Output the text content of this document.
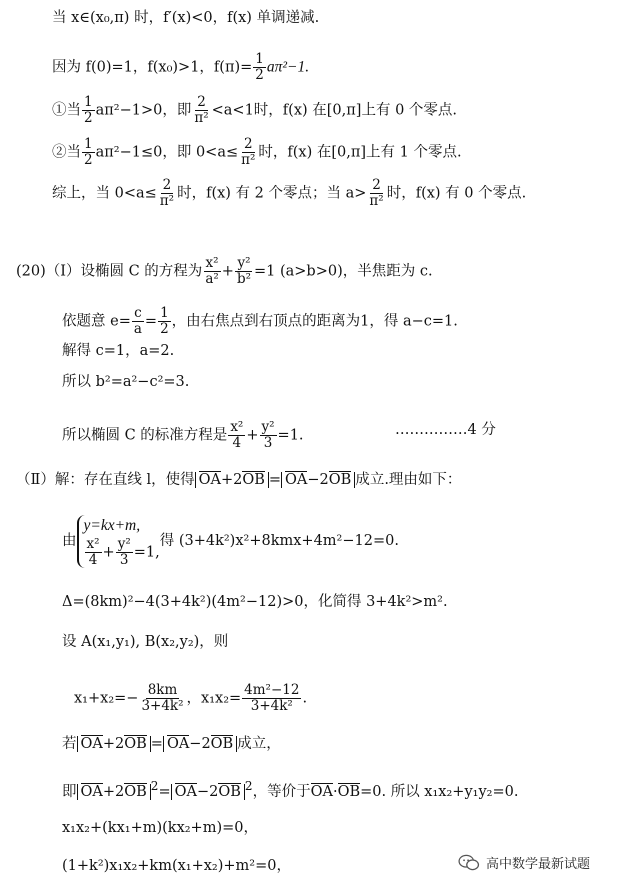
当 x∈(x₀,π) 时，f′(x)<0，f(x) 单调递减.
因为 f(0)=1，f(x₀)>1，$f(\pi)= \frac{1}{2} a\pi^2-1$.
①当 $\frac{1}{2} a\pi^2-1>0$，即 $\frac{2}{\text{π²}} <a<1$时，f(x) 在[0,π]上有 0 个零点.
②当 $\frac{1}{2} a\pi^2-1\le 0$，即 $0<a\le \frac{2}{\text{π²}}$ 时，f(x) 在[0,π]上有 1 个零点.
综上，当 $0<a\le \frac{2}{\text{π²}}$ 时，f(x) 有 2 个零点；当 $a> \frac{2}{\text{π²}}$ 时，f(x) 有 0 个零点.
(20)（Ⅰ）设椭圆 C 的方程为 $\frac{\text{x²}}{\text{a²}} + \frac{\text{y²}}{\text{b²}} =1$ (a>b>0)，半焦距为 c.
依题意 $e= \frac{c}{a} = \frac{1}{2}$ ，由右焦点到右顶点的距离为1，得 a−c=1.
解得 c=1，a=2.
所以 b²=a²−c²=3.
所以椭圆 C 的标准方程是 $\frac{\text{x²}}{4} + \frac{\text{y²}}{3} =1$.	……………4 分
（Ⅱ）解：存在直线 l，使得 OA+2OB = OA−2OB 成立.理由如下：
由
y=kx+m,
$\frac{\text{x²}}{4} + \frac{\text{y²}}{3} =1$,
得 (3+4k²)x²+8kmx+4m²−12=0.
Δ=(8km)²−4(3+4k²)(4m²−12)>0，化简得 3+4k²>m².
设 A(x₁,y₁), B(x₂,y₂)，则
$x_1+x_2=- \frac{8km}{\text{3+4k²}}$ ，$x_1x_2= \frac{\text{4m²−12}}{\text{3+4k²}}$ .
若 OA+2OB = OA−2OB 成立，
即 OA+2OB $^2$= OA−2OB $^2$，等价于OA·OB=0. 所以 x₁x₂+y₁y₂=0.
x₁x₂+(kx₁+m)(kx₂+m)=0，
(1+k²)x₁x₂+km(x₁+x₂)+m²=0，	高中数学最新试题
